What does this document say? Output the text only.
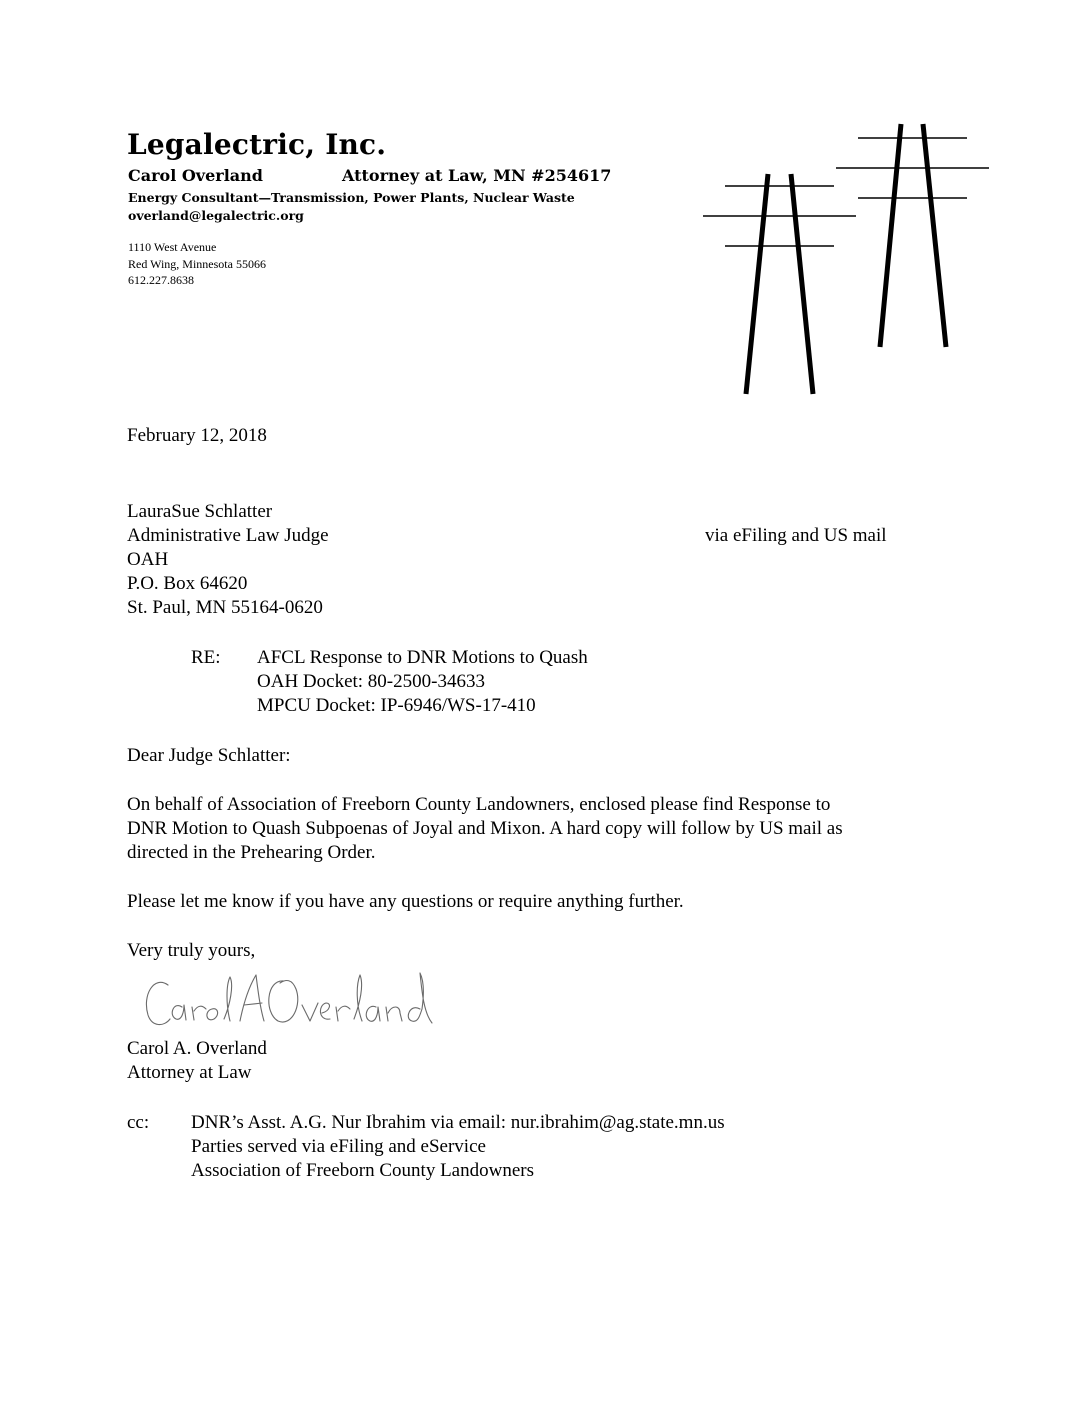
Legalectric, Inc.
Carol Overland	Attorney at Law, MN #254617
Energy Consultant—Transmission, Power Plants, Nuclear Waste
overland@legalectric.org
1110 West Avenue
Red Wing, Minnesota 55066
612.227.8638
February 12, 2018
LauraSue Schlatter
Administrative Law Judge	via eFiling and US mail
OAH
P.O. Box 64620
St. Paul, MN 55164-0620
RE: AFCL Response to DNR Motions to Quash
OAH Docket: 80-2500-34633
MPCU Docket: IP-6946/WS-17-410
Dear Judge Schlatter:
On behalf of Association of Freeborn County Landowners, enclosed please find Response to
DNR Motion to Quash Subpoenas of Joyal and Mixon. A hard copy will follow by US mail as
directed in the Prehearing Order.
Please let me know if you have any questions or require anything further.
Very truly yours,
Carol A. Overland
Attorney at Law
cc: DNR’s Asst. A.G. Nur Ibrahim via email: nur.ibrahim@ag.state.mn.us
Parties served via eFiling and eService
Association of Freeborn County Landowners
